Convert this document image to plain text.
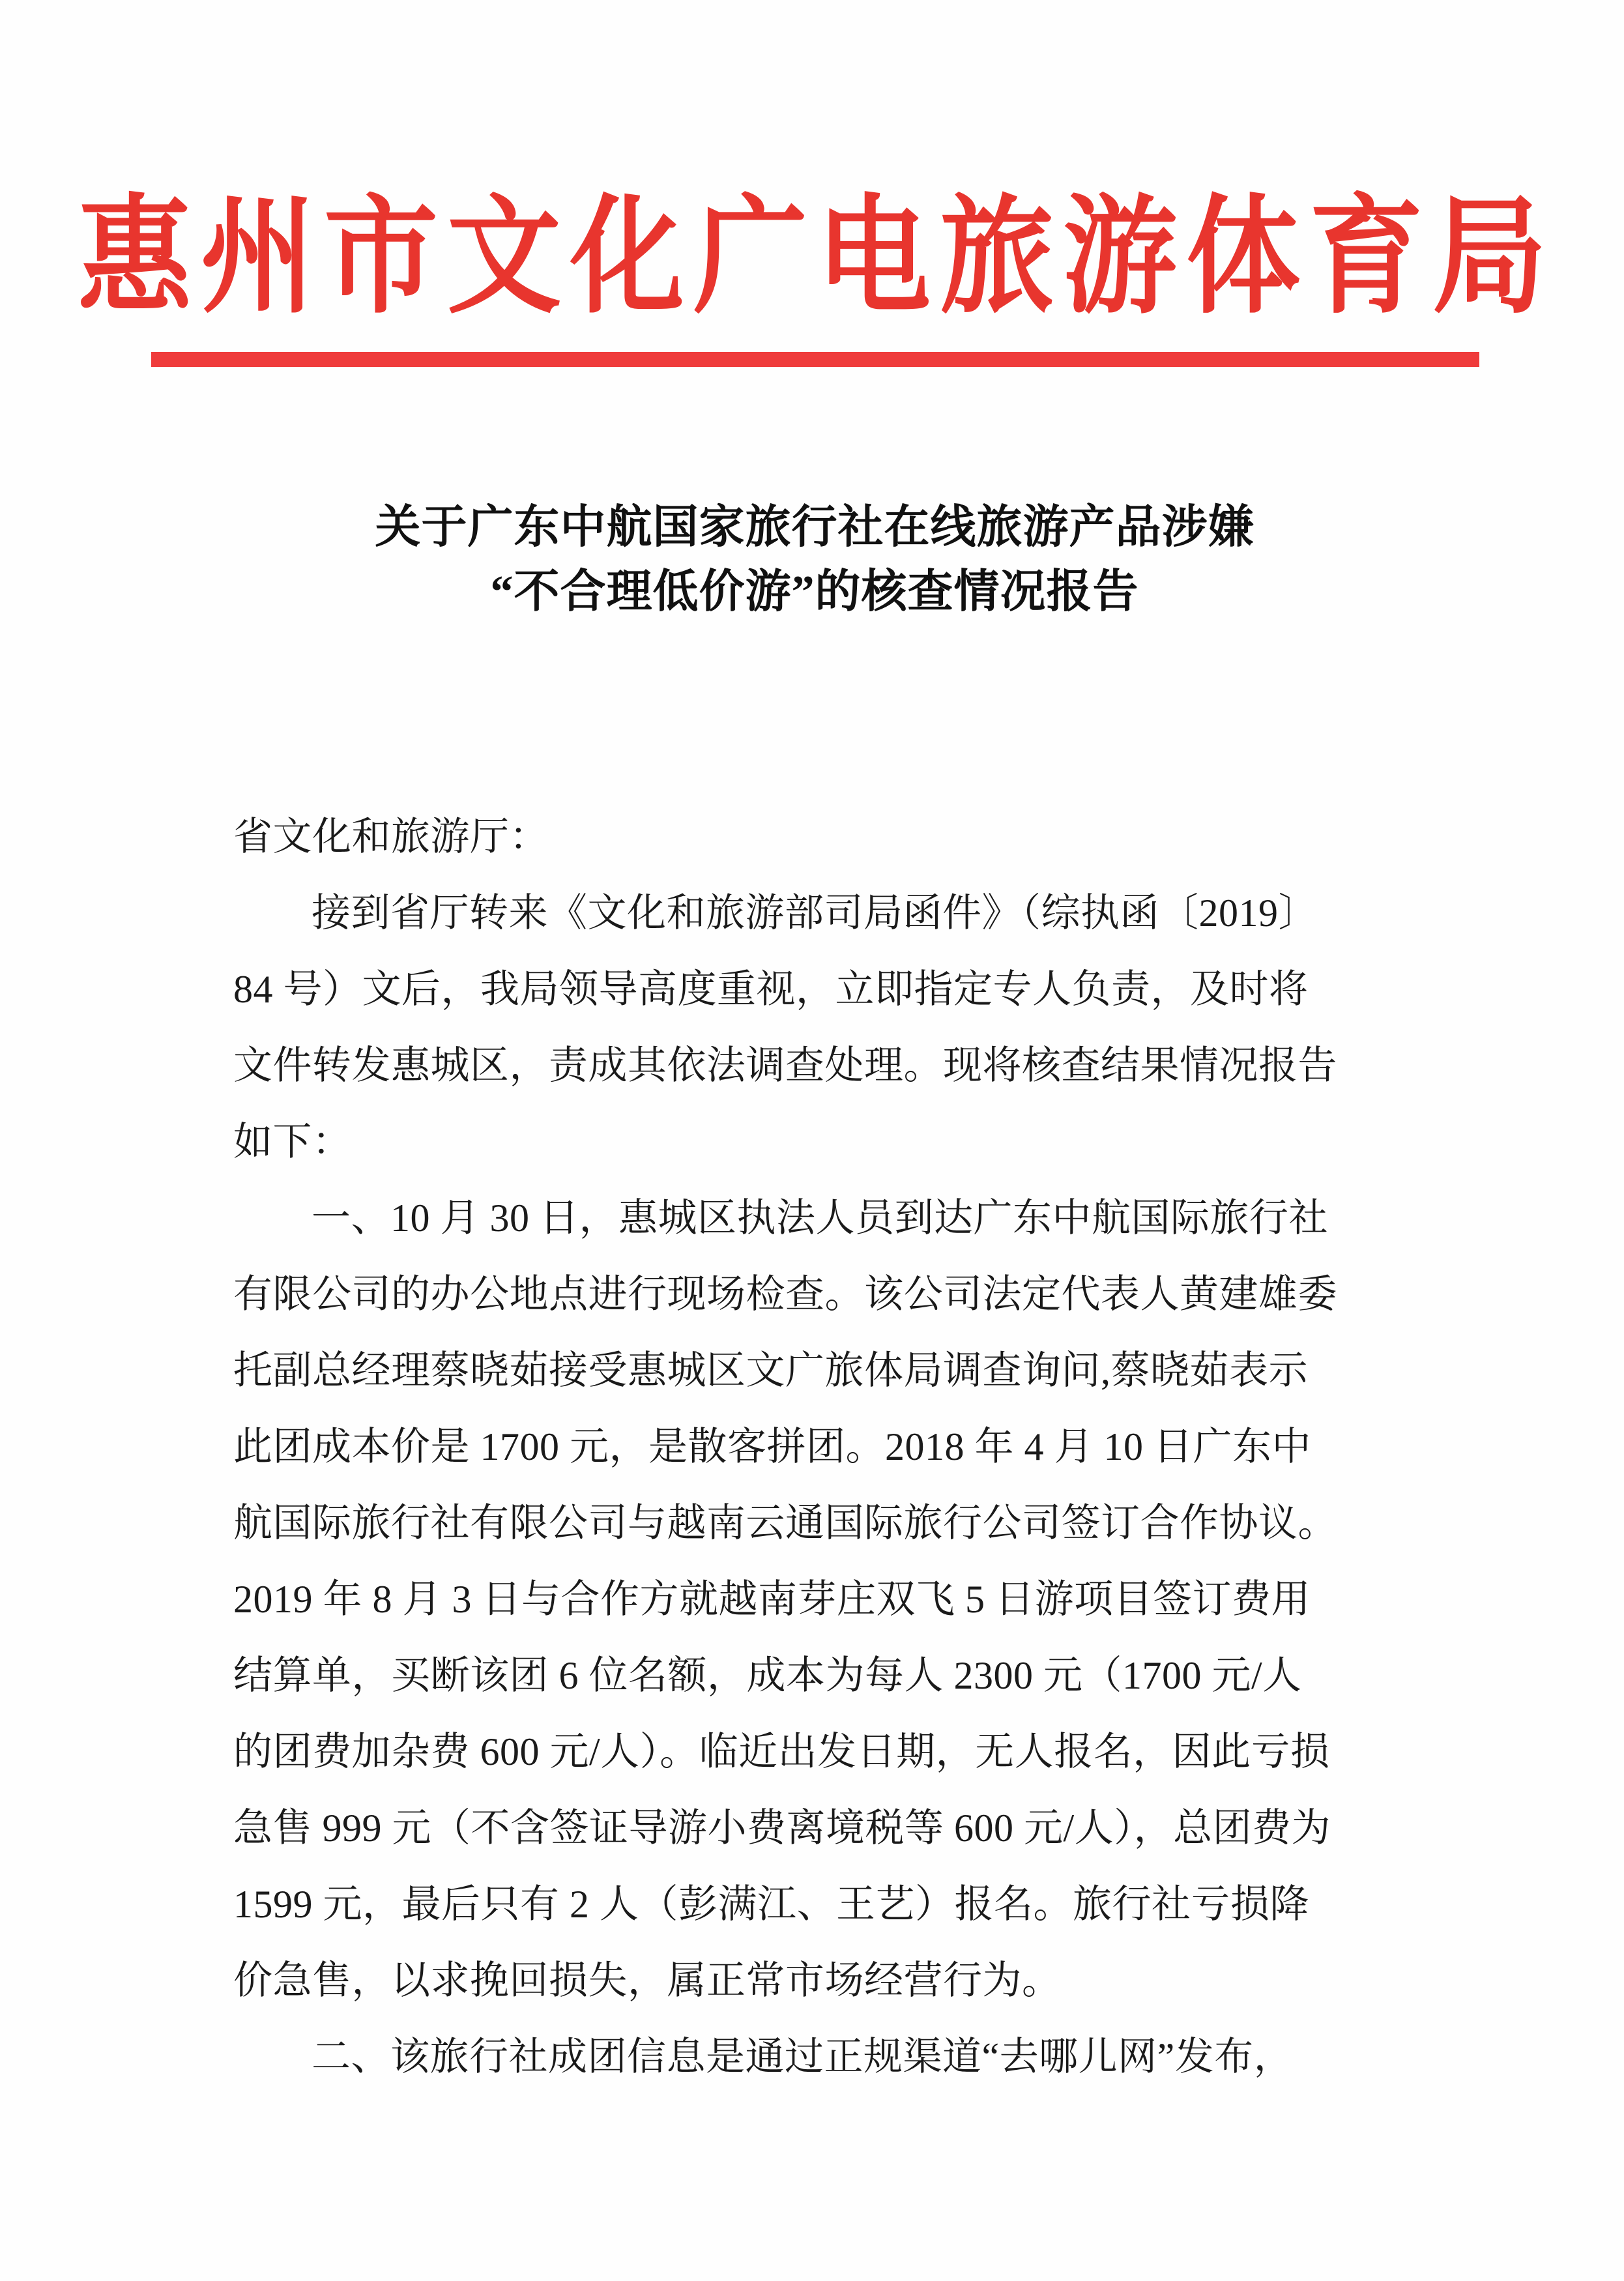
惠州市文化广电旅游体育局
关于广东中航国家旅行社在线旅游产品涉嫌
“不合理低价游”的核查情况报告

省文化和旅游厅：

接到省厅转来《文化和旅游部司局函件》（综执函〔2019〕
84 号）文后，我局领导高度重视，立即指定专人负责，及时将
文件转发惠城区，责成其依法调查处理。现将核查结果情况报告
如下：

一、10 月 30 日，惠城区执法人员到达广东中航国际旅行社
有限公司的办公地点进行现场检查。该公司法定代表人黄建雄委
托副总经理蔡晓茹接受惠城区文广旅体局调查询问,蔡晓茹表示
此团成本价是 1700 元，是散客拼团。2018 年 4 月 10 日广东中
航国际旅行社有限公司与越南云通国际旅行公司签订合作协议。
2019 年 8 月 3 日与合作方就越南芽庄双飞 5 日游项目签订费用
结算单，买断该团 6 位名额，成本为每人 2300 元（1700 元/人
的团费加杂费 600 元/人）。临近出发日期，无人报名，因此亏损
急售 999 元（不含签证导游小费离境税等 600 元/人），总团费为
1599 元，最后只有 2 人（彭满江、王艺）报名。旅行社亏损降
价急售，以求挽回损失，属正常市场经营行为。

二、该旅行社成团信息是通过正规渠道“去哪儿网”发布，
